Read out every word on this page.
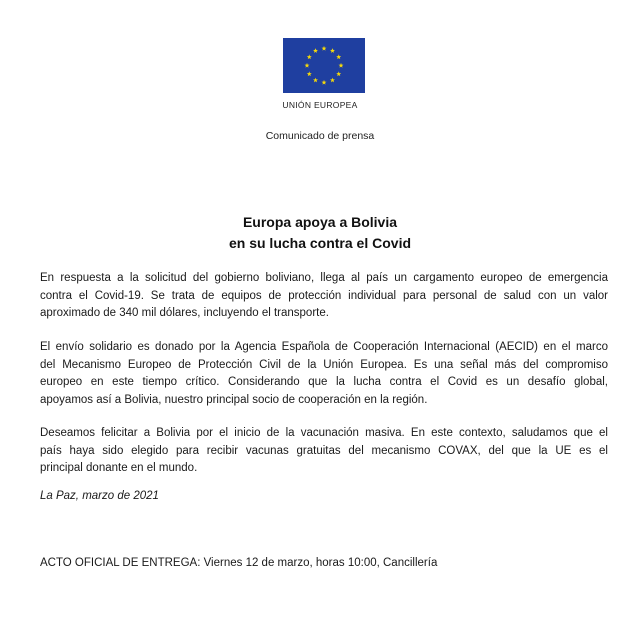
UNIÓN EUROPEA
Comunicado de prensa
Europa apoya a Bolivia
en su lucha contra el Covid
En respuesta a la solicitud del gobierno boliviano, llega al país un cargamento europeo de emergencia
contra el Covid-19. Se trata de equipos de protección individual para personal de salud con un valor
aproximado de 340 mil dólares, incluyendo el transporte.
El envío solidario es donado por la Agencia Española de Cooperación Internacional (AECID) en el marco
del Mecanismo Europeo de Protección Civil de la Unión Europea. Es una señal más del compromiso
europeo en este tiempo crítico. Considerando que la lucha contra el Covid es un desafío global,
apoyamos así a Bolivia, nuestro principal socio de cooperación en la región.
Deseamos felicitar a Bolivia por el inicio de la vacunación masiva. En este contexto, saludamos que el
país haya sido elegido para recibir vacunas gratuitas del mecanismo COVAX, del que la UE es el
principal donante en el mundo.
La Paz, marzo de 2021
ACTO OFICIAL DE ENTREGA: Viernes 12 de marzo, horas 10:00, Cancillería
